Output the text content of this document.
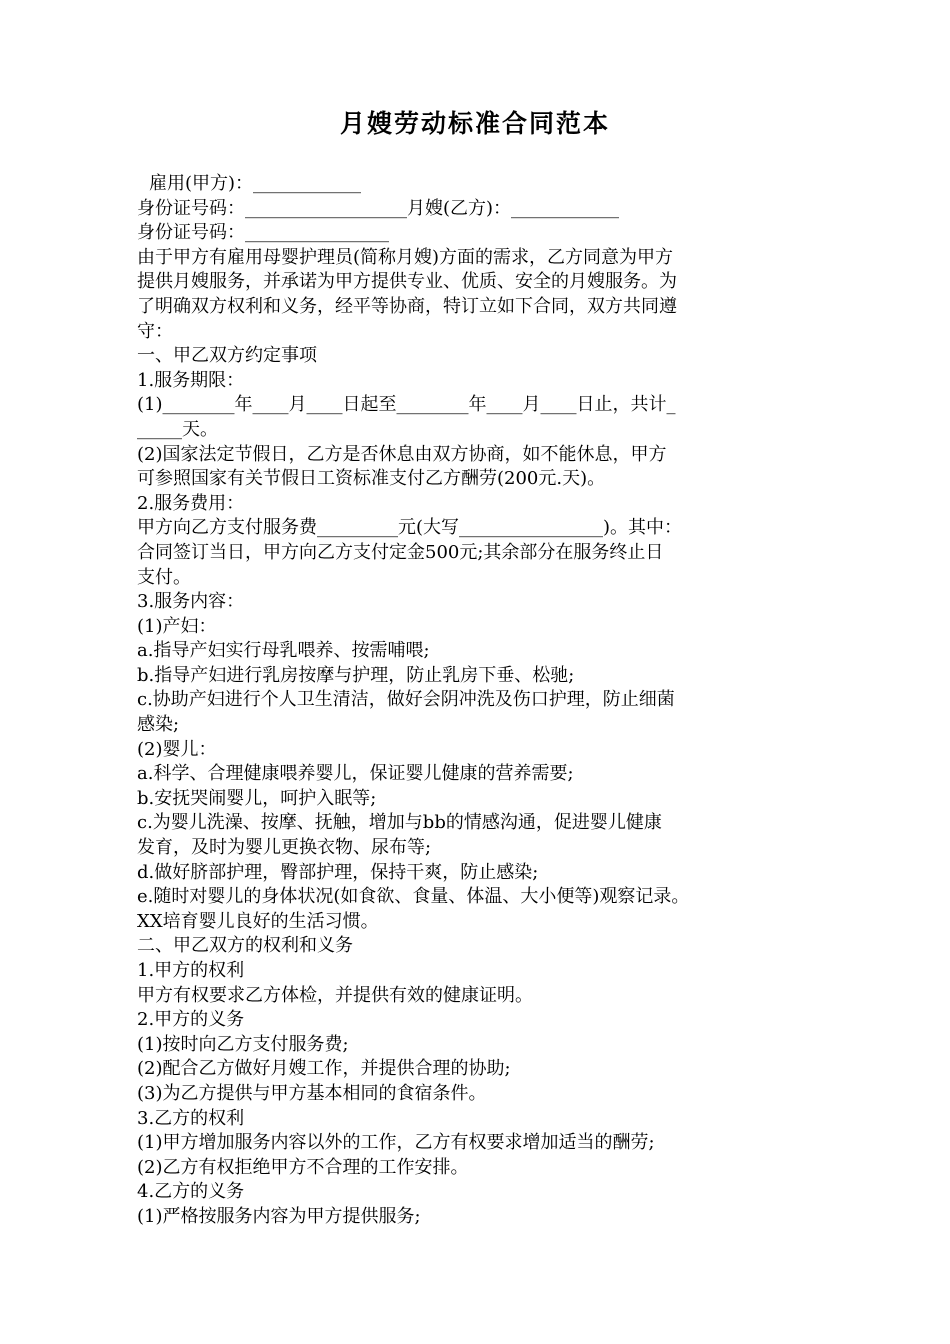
月嫂劳动标准合同范本
雇用(甲方)：____________
身份证号码：__________________月嫂(乙方)：____________
身份证号码：________________
由于甲方有雇用母婴护理员(简称月嫂)方面的需求，乙方同意为甲方
提供月嫂服务，并承诺为甲方提供专业、优质、安全的月嫂服务。为
了明确双方权利和义务，经平等协商，特订立如下合同，双方共同遵
守：
一、甲乙双方约定事项
1.服务期限：
(1)________年____月____日起至________年____月____日止，共计_
_____天。
(2)国家法定节假日，乙方是否休息由双方协商，如不能休息，甲方
可参照国家有关节假日工资标准支付乙方酬劳(200元.天)。
2.服务费用：
甲方向乙方支付服务费_________元(大写________________)。其中：
合同签订当日，甲方向乙方支付定金500元;其余部分在服务终止日
支付。
3.服务内容：
(1)产妇：
a.指导产妇实行母乳喂养、按需哺喂;
b.指导产妇进行乳房按摩与护理，防止乳房下垂、松驰;
c.协助产妇进行个人卫生清洁，做好会阴冲洗及伤口护理，防止细菌
感染;
(2)婴儿：
a.科学、合理健康喂养婴儿，保证婴儿健康的营养需要;
b.安抚哭闹婴儿，呵护入眠等;
c.为婴儿洗澡、按摩、抚触，增加与bb的情感沟通，促进婴儿健康
发育，及时为婴儿更换衣物、尿布等;
d.做好脐部护理，臀部护理，保持干爽，防止感染;
e.随时对婴儿的身体状况(如食欲、食量、体温、大小便等)观察记录。
XX培育婴儿良好的生活习惯。
二、甲乙双方的权利和义务
1.甲方的权利
甲方有权要求乙方体检，并提供有效的健康证明。
2.甲方的义务
(1)按时向乙方支付服务费;
(2)配合乙方做好月嫂工作，并提供合理的协助;
(3)为乙方提供与甲方基本相同的食宿条件。
3.乙方的权利
(1)甲方增加服务内容以外的工作，乙方有权要求增加适当的酬劳;
(2)乙方有权拒绝甲方不合理的工作安排。
4.乙方的义务
(1)严格按服务内容为甲方提供服务;
